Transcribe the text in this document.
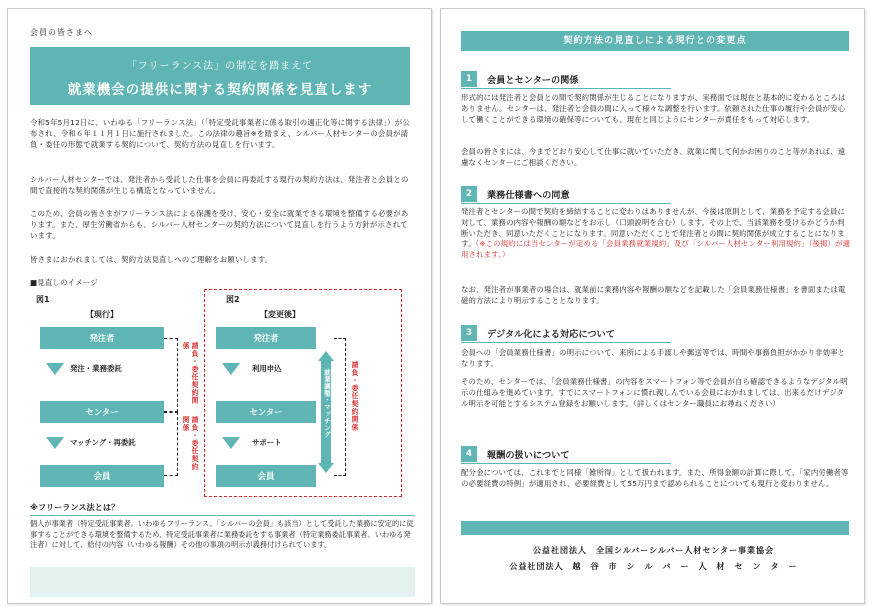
会員の皆さまへ
「フリーランス法」の制定を踏まえて
就業機会の提供に関する契約関係を見直します
令和5年5月12日に、いわゆる「フリーランス法」（「特定受託事業者に係る取引の適正化等に関する法律」）が公布され、令和６年１１月１日に施行されました。この法律の趣旨※を踏まえ、シルバー人材センターの会員が請負・委任の形態で就業する契約について、契約方法の見直しを行います。
シルバー人材センターでは、発注者から受託した仕事を会員に再委託する現行の契約方法は、発注者と会員との間で直接的な契約関係が生じる構造となっていません。
このため、会員の皆さまがフリーランス法による保護を受け、安心・安全に就業できる環境を整備する必要があります。また、厚生労働省からも、シルバー人材センターの契約方法について見直しを行うよう方針が示されています。
皆さまにおかれましては、契約方法見直しへのご理解をお願いします。
■見直しのイメージ
図1
【現行】
発注者
発注・業務委託
センター
マッチング・再委託
会員
請負・委任契約関係
請負・委任契約関係
図2
【変更後】
発注者
利用申込
センター
サポート
会員
就業調整・マッチング	請負・委任契約関係
※フリーランス法とは？
個人が事業者（特定受託事業者。いわゆるフリーランス。「シルバーの会員」も該当）として受託した業務に安定的に従事することができる環境を整備するため、特定受託事業者に業務委託をする事業者（特定業務委託事業者。いわゆる発注者）に対して、給付の内容（いわゆる報酬）その他の事項の明示が義務付けられています。
契約方法の見直しによる現行との変更点
1	会員とセンターの関係
形式的には発注者と会員との間で契約関係が生じることになりますが、実務面では現在と基本的に変わるところはありません。センターは、発注者と会員の間に入って様々な調整を行います。依頼された仕事の履行や会員が安心して働くことができる環境の確保等についても、現在と同じようにセンターが責任をもって対応します。
会員の皆さまには、今までどおり安心して仕事に就いていただき、就業に関して何かお困りのこと等があれば、遠慮なくセンターにご相談ください。
2	業務仕様書への同意
発注者とセンターの間で契約を締結することに変わりはありませんが、今後は原則として、業務を予定する会員に対して、業務の内容や報酬の額などをお示し（口頭説明を含む）します。その上で、当該業務を受けるかどうか判断いただき、同意いただくことになります。同意いただくことで発注者との間に契約関係が成立することになります。（※この規約には当センターが定める「会員業務就業規約」及び「シルバー人材センター利用規約」（後掲）が適用されます。）
なお、発注者が事業者の場合は、就業前に業務内容や報酬の額などを記載した「会員業務仕様書」を書面または電磁的方法により明示することとなります。
3	デジタル化による対応について
会員への「会員業務仕様書」の明示について、来所による手渡しや郵送等では、時間や事務負担がかかり非効率となります。
そのため、センターでは、「会員業務仕様書」の内容をスマートフォン等で会員が自ら確認できるようなデジタル明示の仕組みを進めています。すでにスマートフォンに慣れ親しんでいる会員におかれましては、出来るだけデジタル明示を可能とするシステム登録をお願いします。（詳しくはセンター職員にお尋ねください）
4	報酬の扱いについて
配分金については、これまでと同様「雑所得」として扱われます。また、所得金額の計算に際して、「家内労働者等の必要経費の特例」が適用され、必要経費として55万円まで認められることについても現行と変わりません。
公益社団法人　全国シルバーシルバー人材センター事業協会
公益社団法人　越　谷　市　シ　ル　バ　ー　人　材　セ　ン　タ　ー
